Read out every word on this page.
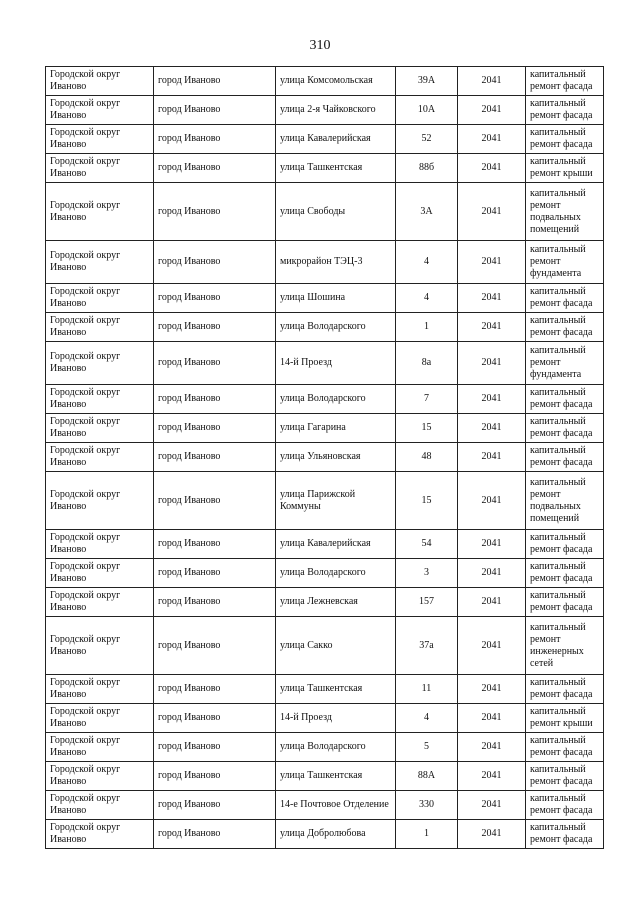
310
Городской округ Иваново	город Иваново	улица Комсомольская	39А	2041	капитальный ремонт фасада
Городской округ Иваново	город Иваново	улица 2-я Чайковского	10А	2041	капитальный ремонт фасада
Городской округ Иваново	город Иваново	улица Кавалерийская	52	2041	капитальный ремонт фасада
Городской округ Иваново	город Иваново	улица Ташкентская	88б	2041	капитальный ремонт крыши
Городской округ Иваново	город Иваново	улица Свободы	3А	2041	капитальный ремонт подвальных помещений
Городской округ Иваново	город Иваново	микрорайон ТЭЦ-3	4	2041	капитальный ремонт фундамента
Городской округ Иваново	город Иваново	улица Шошина	4	2041	капитальный ремонт фасада
Городской округ Иваново	город Иваново	улица Володарского	1	2041	капитальный ремонт фасада
Городской округ Иваново	город Иваново	14-й Проезд	8а	2041	капитальный ремонт фундамента
Городской округ Иваново	город Иваново	улица Володарского	7	2041	капитальный ремонт фасада
Городской округ Иваново	город Иваново	улица Гагарина	15	2041	капитальный ремонт фасада
Городской округ Иваново	город Иваново	улица Ульяновская	48	2041	капитальный ремонт фасада
Городской округ Иваново	город Иваново	улица Парижской Коммуны	15	2041	капитальный ремонт подвальных помещений
Городской округ Иваново	город Иваново	улица Кавалерийская	54	2041	капитальный ремонт фасада
Городской округ Иваново	город Иваново	улица Володарского	3	2041	капитальный ремонт фасада
Городской округ Иваново	город Иваново	улица Лежневская	157	2041	капитальный ремонт фасада
Городской округ Иваново	город Иваново	улица Сакко	37а	2041	капитальный ремонт инженерных сетей
Городской округ Иваново	город Иваново	улица Ташкентская	11	2041	капитальный ремонт фасада
Городской округ Иваново	город Иваново	14-й Проезд	4	2041	капитальный ремонт крыши
Городской округ Иваново	город Иваново	улица Володарского	5	2041	капитальный ремонт фасада
Городской округ Иваново	город Иваново	улица Ташкентская	88А	2041	капитальный ремонт фасада
Городской округ Иваново	город Иваново	14-е Почтовое Отделение	330	2041	капитальный ремонт фасада
Городской округ Иваново	город Иваново	улица Добролюбова	1	2041	капитальный ремонт фасада
